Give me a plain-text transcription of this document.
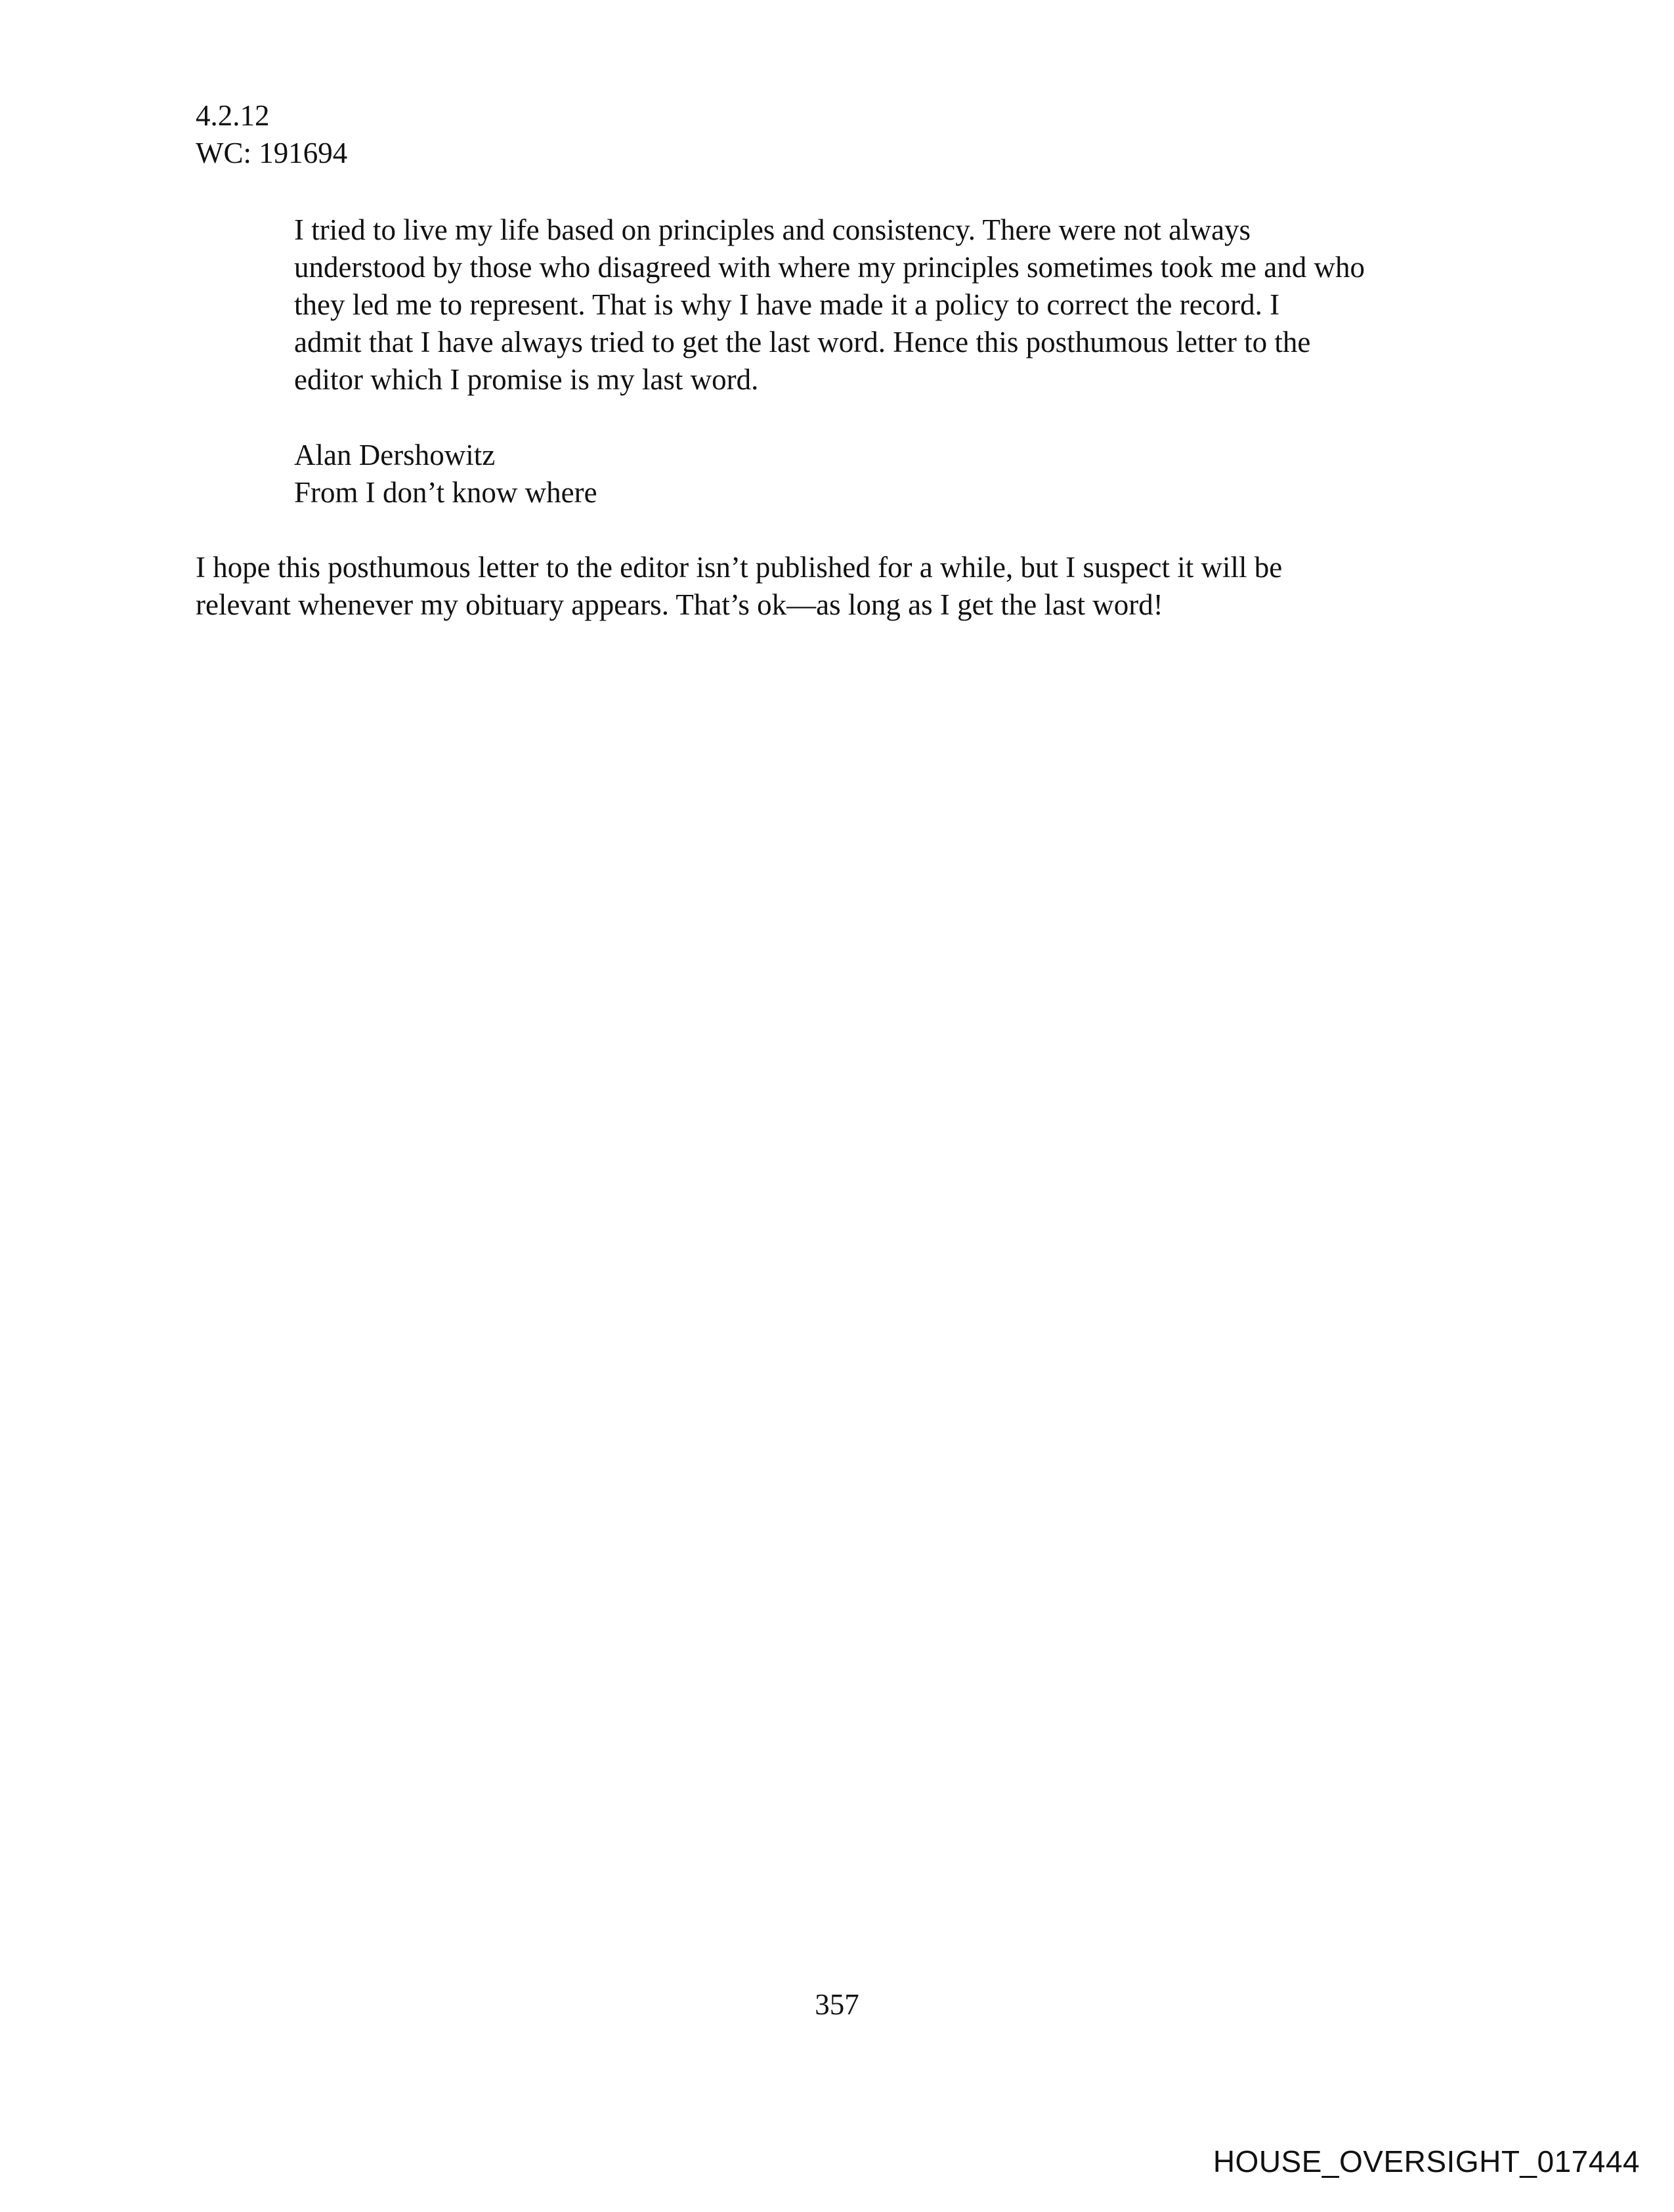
4.2.12
WC: 191694
I tried to live my life based on principles and consistency. There were not always
understood by those who disagreed with where my principles sometimes took me and who
they led me to represent. That is why I have made it a policy to correct the record. I
admit that I have always tried to get the last word. Hence this posthumous letter to the
editor which I promise is my last word.
Alan Dershowitz
From I don’t know where
I hope this posthumous letter to the editor isn’t published for a while, but I suspect it will be
relevant whenever my obituary appears. That’s ok—as long as I get the last word!
357
HOUSE_OVERSIGHT_017444
